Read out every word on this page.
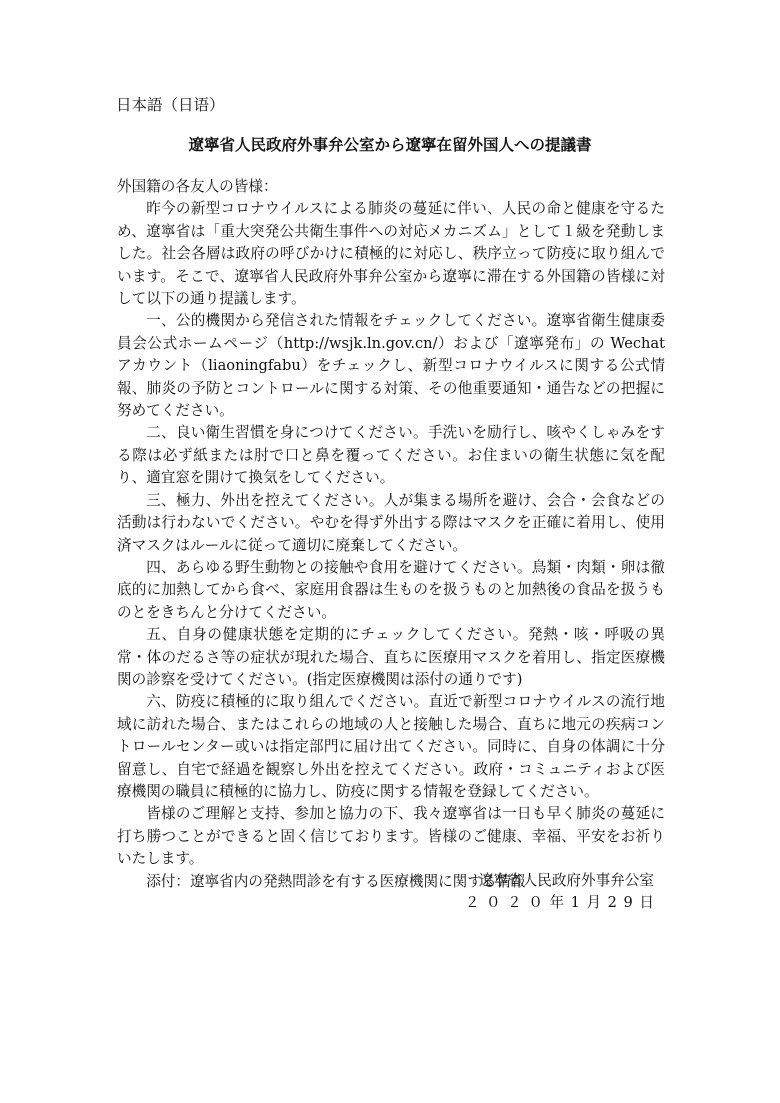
日本語（日语）
遼寧省人民政府外事弁公室から遼寧在留外国人への提議書

外国籍の各友人の皆様：

昨今の新型コロナウイルスによる肺炎の蔓延に伴い、人民の命と健康を守るため、遼寧省は「重大突発公共衛生事件への対応メカニズム」として１級を発動しました。社会各層は政府の呼びかけに積極的に対応し、秩序立って防疫に取り組んでいます。そこで、遼寧省人民政府外事弁公室から遼寧に滞在する外国籍の皆様に対して以下の通り提議します。

一、公的機関から発信された情報をチェックしてください。遼寧省衛生健康委員会公式ホームページ（http://wsjk.ln.gov.cn/）および「遼寧発布」の Wechat アカウント（liaoningfabu）をチェックし、新型コロナウイルスに関する公式情報、肺炎の予防とコントロールに関する対策、その他重要通知・通告などの把握に努めてください。

二、良い衛生習慣を身につけてください。手洗いを励行し、咳やくしゃみをする際は必ず紙または肘で口と鼻を覆ってください。お住まいの衛生状態に気を配り、適宜窓を開けて換気をしてください。

三、極力、外出を控えてください。人が集まる場所を避け、会合・会食などの活動は行わないでください。やむを得ず外出する際はマスクを正確に着用し、使用済マスクはルールに従って適切に廃棄してください。

四、あらゆる野生動物との接触や食用を避けてください。鳥類・肉類・卵は徹底的に加熱してから食べ、家庭用食器は生ものを扱うものと加熱後の食品を扱うものとをきちんと分けてください。

五、自身の健康状態を定期的にチェックしてください。発熱・咳・呼吸の異常・体のだるさ等の症状が現れた場合、直ちに医療用マスクを着用し、指定医療機関の診察を受けてください。(指定医療機関は添付の通りです)

六、防疫に積極的に取り組んでください。直近で新型コロナウイルスの流行地域に訪れた場合、またはこれらの地域の人と接触した場合、直ちに地元の疾病コントロールセンター或いは指定部門に届け出てください。同時に、自身の体調に十分留意し、自宅で経過を観察し外出を控えてください。政府・コミュニティおよび医療機関の職員に積極的に協力し、防疫に関する情報を登録してください。

皆様のご理解と支持、参加と協力の下、我々遼寧省は一日も早く肺炎の蔓延に打ち勝つことができると固く信じております。皆様のご健康、幸福、平安をお祈りいたします。

添付：遼寧省内の発熱問診を有する医療機関に関する情報

遼寧省人民政府外事弁公室
２０２０年1月29日
